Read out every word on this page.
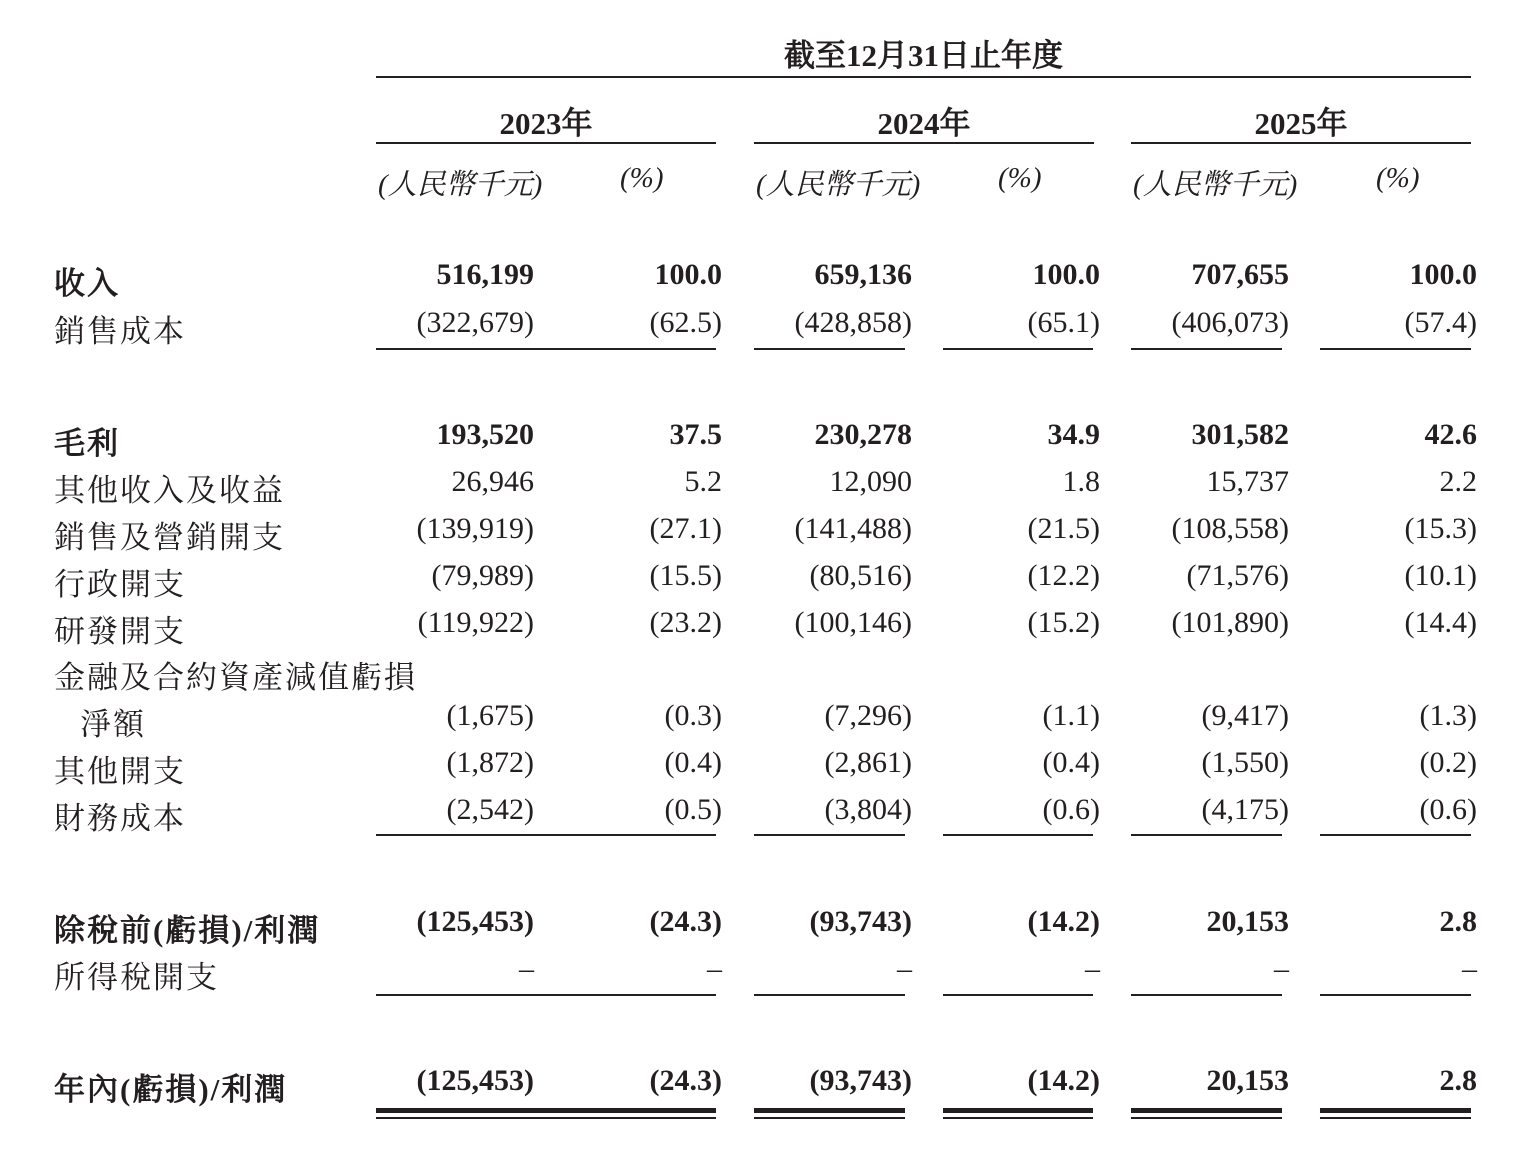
截至12月31日止年度
2023年	2024年	2025年
(人民幣千元)	(%)	(人民幣千元)	(%)	(人民幣千元)	(%)
收入	516,199	100.0	659,136	100.0	707,655	100.0
銷售成本	(322,679)	(62.5)	(428,858)	(65.1)	(406,073)	(57.4)
毛利	193,520	37.5	230,278	34.9	301,582	42.6
其他收入及收益	26,946	5.2	12,090	1.8	15,737	2.2
銷售及營銷開支	(139,919)	(27.1)	(141,488)	(21.5)	(108,558)	(15.3)
行政開支	(79,989)	(15.5)	(80,516)	(12.2)	(71,576)	(10.1)
研發開支	(119,922)	(23.2)	(100,146)	(15.2)	(101,890)	(14.4)
金融及合約資產減值虧損
淨額	(1,675)	(0.3)	(7,296)	(1.1)	(9,417)	(1.3)
其他開支	(1,872)	(0.4)	(2,861)	(0.4)	(1,550)	(0.2)
財務成本	(2,542)	(0.5)	(3,804)	(0.6)	(4,175)	(0.6)
除稅前(虧損)/利潤	(125,453)	(24.3)	(93,743)	(14.2)	20,153	2.8
所得稅開支	–	–	–	–	–	–
年內(虧損)/利潤	(125,453)	(24.3)	(93,743)	(14.2)	20,153	2.8
